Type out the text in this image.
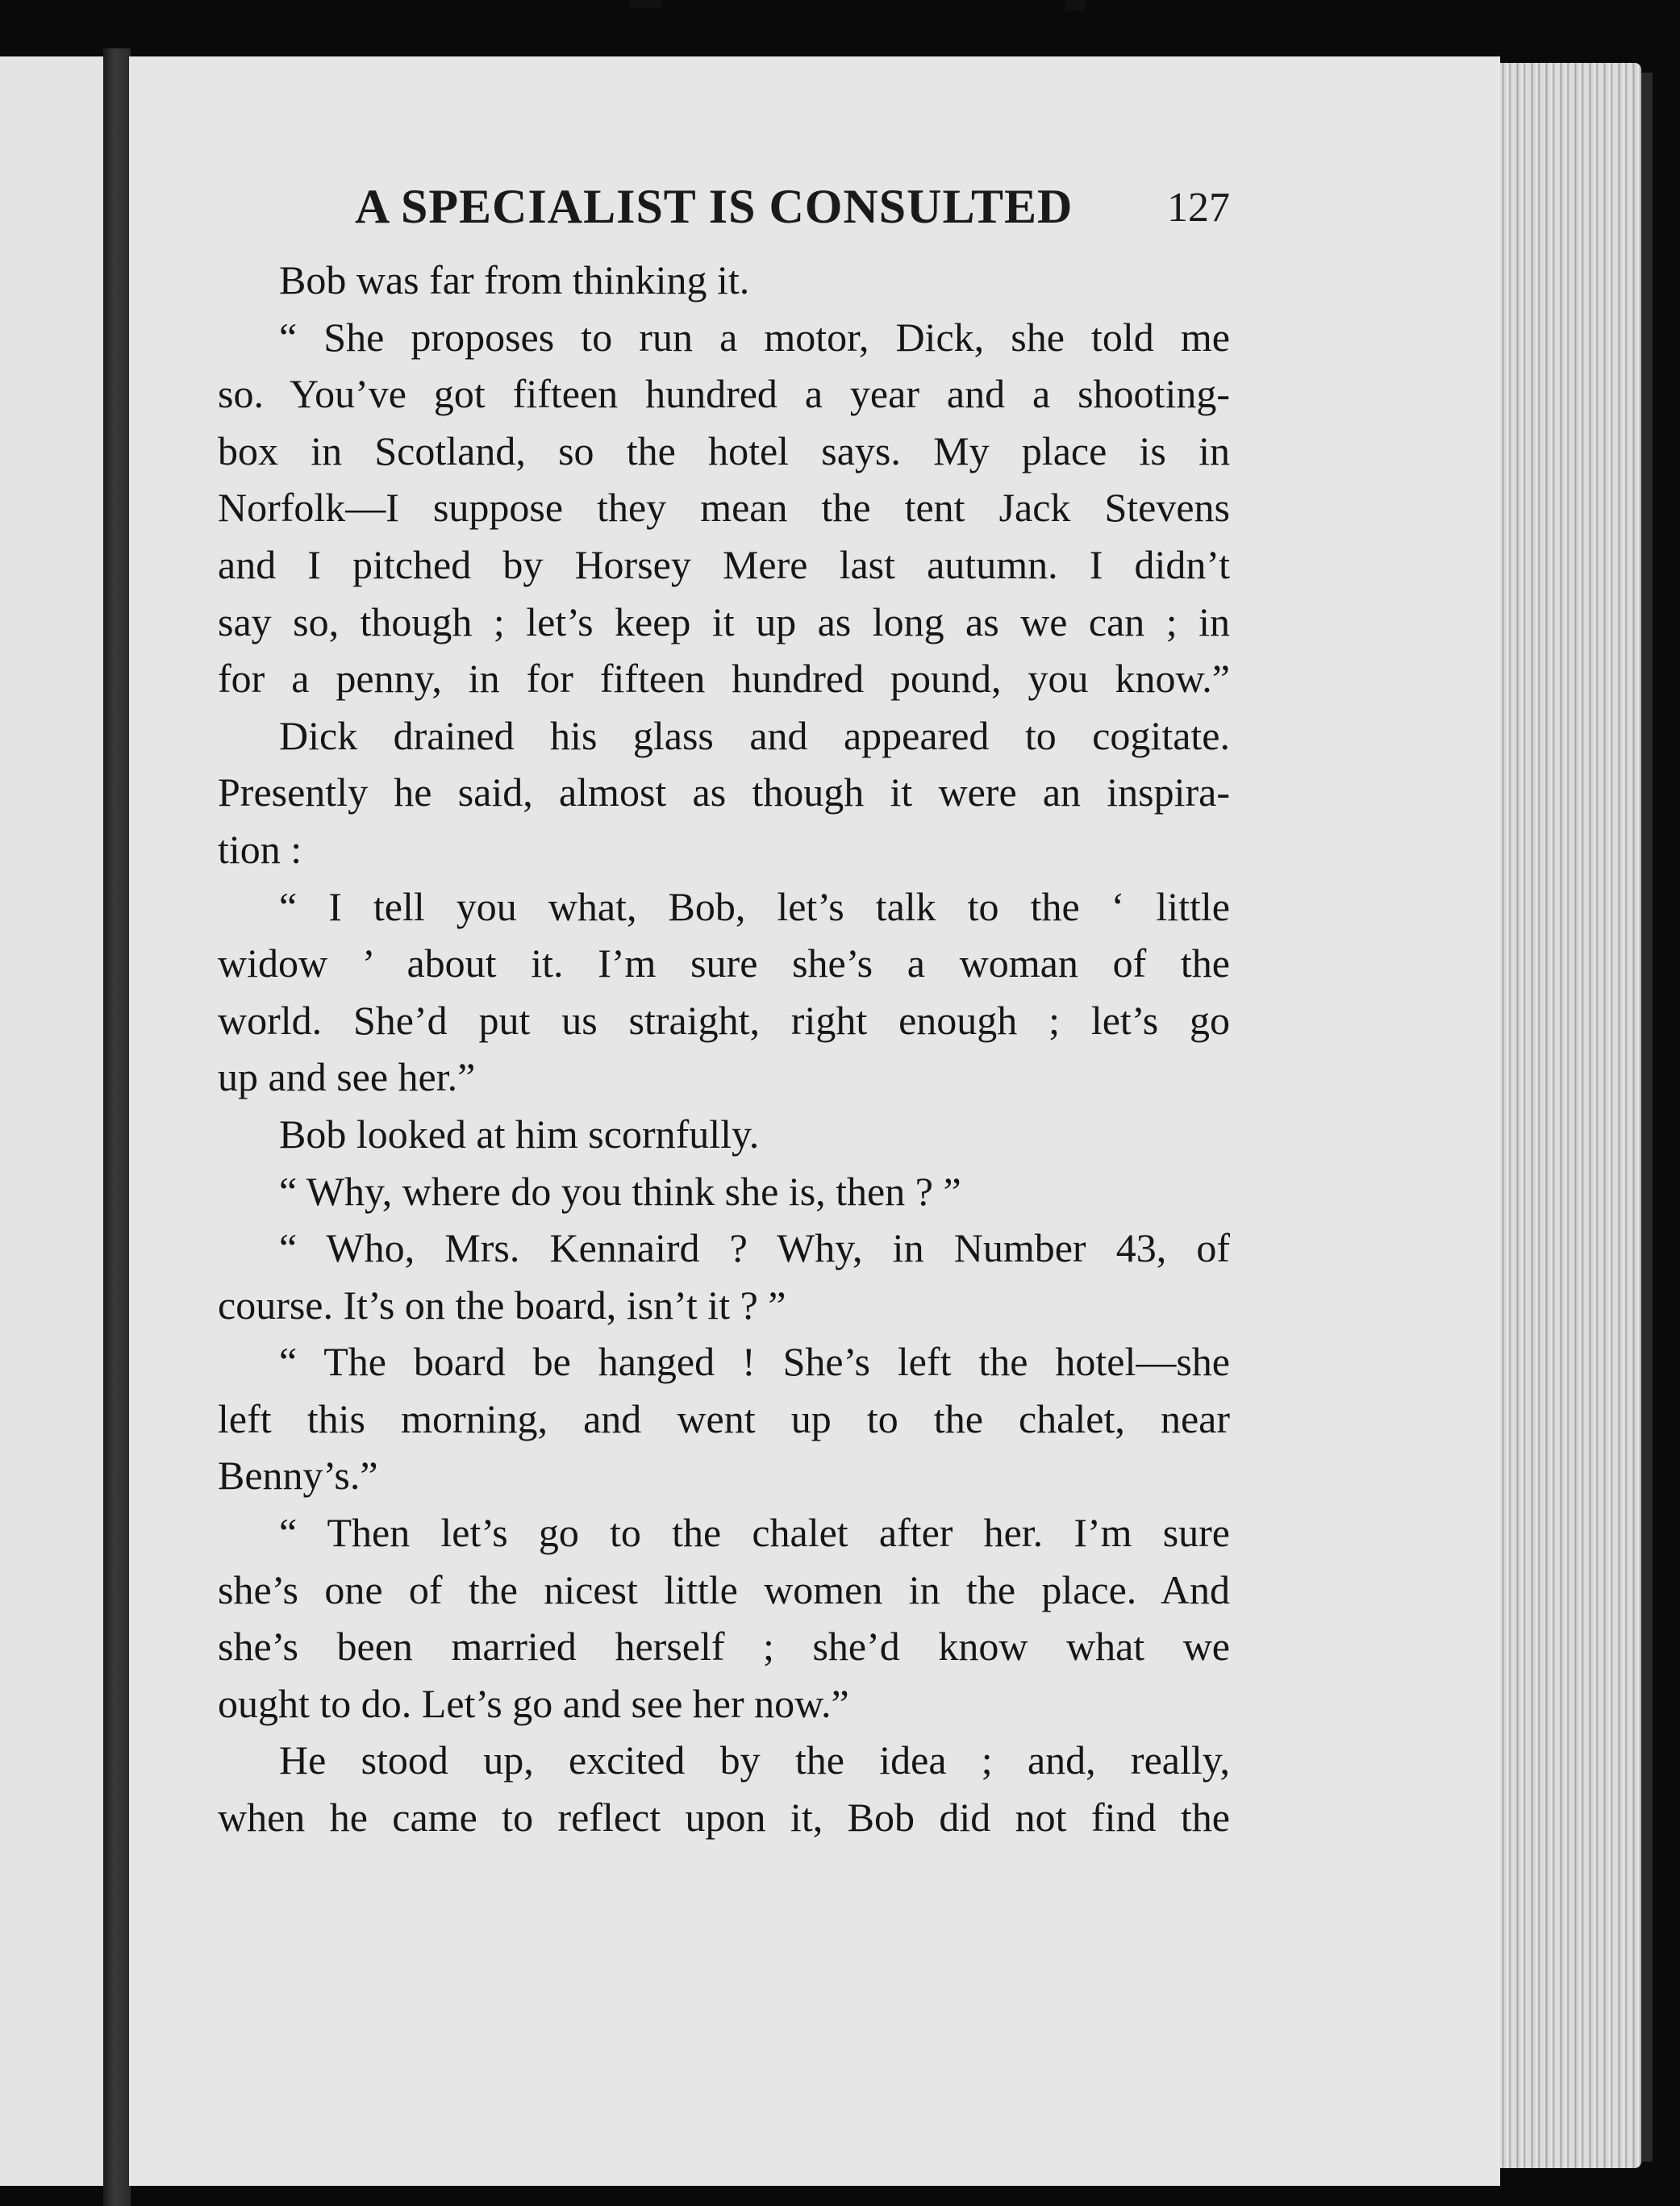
A SPECIALIST IS CONSULTED 127
Bob was far from thinking it.
“ She proposes to run a motor, Dick, she told me
so. You’ve got fifteen hundred a year and a shooting-
box in Scotland, so the hotel says. My place is in
Norfolk—I suppose they mean the tent Jack Stevens
and I pitched by Horsey Mere last autumn. I didn’t
say so, though ; let’s keep it up as long as we can ; in
for a penny, in for fifteen hundred pound, you know.”
Dick drained his glass and appeared to cogitate.
Presently he said, almost as though it were an inspira-
tion :
“ I tell you what, Bob, let’s talk to the ‘ little
widow ’ about it. I’m sure she’s a woman of the
world. She’d put us straight, right enough ; let’s go
up and see her.”
Bob looked at him scornfully.
“ Why, where do you think she is, then ? ”
“ Who, Mrs. Kennaird ? Why, in Number 43, of
course. It’s on the board, isn’t it ? ”
“ The board be hanged ! She’s left the hotel—she
left this morning, and went up to the chalet, near
Benny’s.”
“ Then let’s go to the chalet after her. I’m sure
she’s one of the nicest little women in the place. And
she’s been married herself ; she’d know what we
ought to do. Let’s go and see her now.”
He stood up, excited by the idea ; and, really,
when he came to reflect upon it, Bob did not find the
